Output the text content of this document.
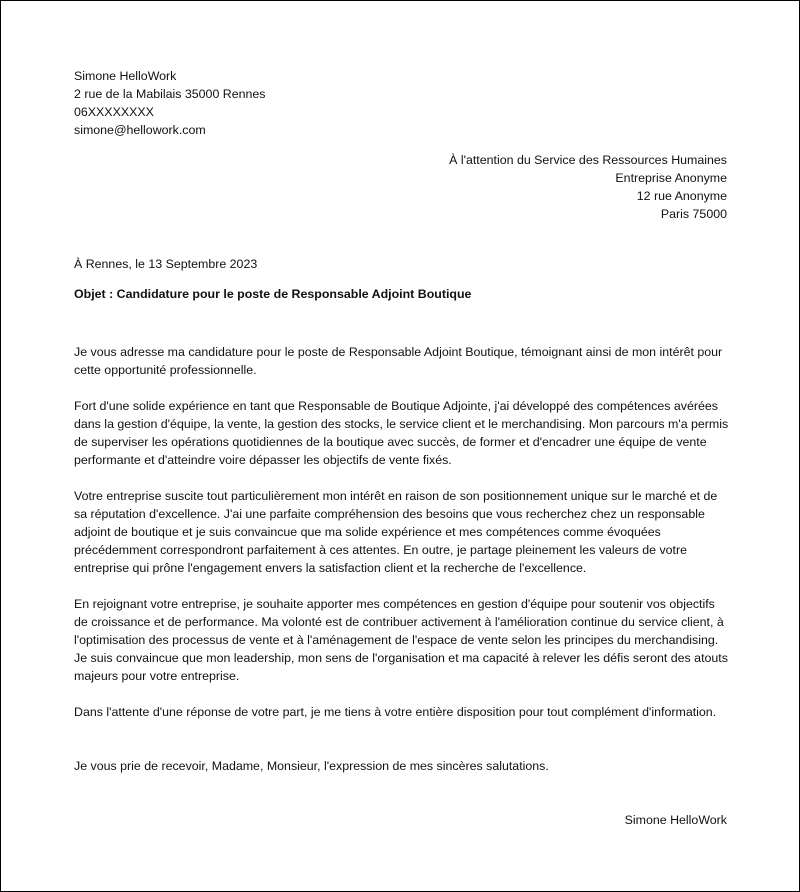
Simone HelloWork
2 rue de la Mabilais 35000 Rennes
06XXXXXXXX
simone@hellowork.com
À l'attention du Service des Ressources Humaines
Entreprise Anonyme
12 rue Anonyme
Paris 75000
À Rennes, le 13 Septembre 2023
Objet : Candidature pour le poste de Responsable Adjoint Boutique

Je vous adresse ma candidature pour le poste de Responsable Adjoint Boutique, témoignant ainsi de mon intérêt pour cette opportunité professionnelle.

Fort d'une solide expérience en tant que Responsable de Boutique Adjointe, j'ai développé des compétences avérées dans la gestion d'équipe, la vente, la gestion des stocks, le service client et le merchandising. Mon parcours m'a permis de superviser les opérations quotidiennes de la boutique avec succès, de former et d'encadrer une équipe de vente performante et d'atteindre voire dépasser les objectifs de vente fixés.

Votre entreprise suscite tout particulièrement mon intérêt en raison de son positionnement unique sur le marché et de sa réputation d'excellence. J'ai une parfaite compréhension des besoins que vous recherchez chez un responsable adjoint de boutique et je suis convaincue que ma solide expérience et mes compétences comme évoquées précédemment correspondront parfaitement à ces attentes. En outre, je partage pleinement les valeurs de votre entreprise qui prône l'engagement envers la satisfaction client et la recherche de l'excellence.

En rejoignant votre entreprise, je souhaite apporter mes compétences en gestion d'équipe pour soutenir vos objectifs de croissance et de performance. Ma volonté est de contribuer activement à l'amélioration continue du service client, à l'optimisation des processus de vente et à l'aménagement de l'espace de vente selon les principes du merchandising. Je suis convaincue que mon leadership, mon sens de l'organisation et ma capacité à relever les défis seront des atouts majeurs pour votre entreprise.

Dans l'attente d'une réponse de votre part, je me tiens à votre entière disposition pour tout complément d'information.

Je vous prie de recevoir, Madame, Monsieur, l'expression de mes sincères salutations.
Simone HelloWork
